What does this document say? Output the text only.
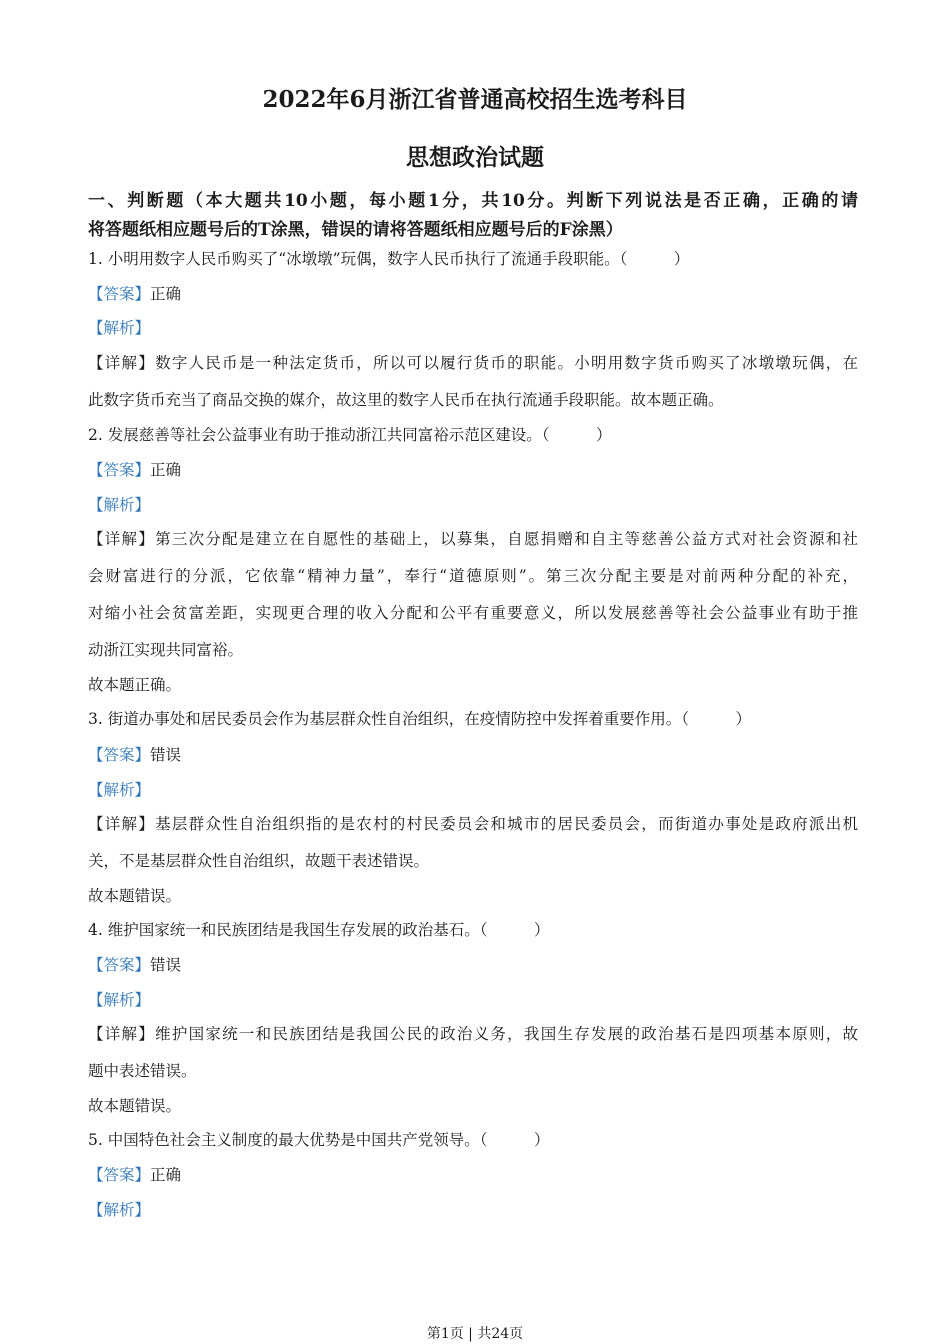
2022年6月浙江省普通高校招生选考科目
思想政治试题
一、判断题（本大题共10小题，每小题1分，共10分。判断下列说法是否正确，正确的请
将答题纸相应题号后的T涂黑，错误的请将答题纸相应题号后的F涂黑）
1. 小明用数字人民币购买了“冰墩墩”玩偶，数字人民币执行了流通手段职能。（　　　）
【答案】正确
【解析】
【详解】数字人民币是一种法定货币，所以可以履行货币的职能。小明用数字货币购买了冰墩墩玩偶，在
此数字货币充当了商品交换的媒介，故这里的数字人民币在执行流通手段职能。故本题正确。
2. 发展慈善等社会公益事业有助于推动浙江共同富裕示范区建设。（　　　）
【答案】正确
【解析】
【详解】第三次分配是建立在自愿性的基础上，以募集，自愿捐赠和自主等慈善公益方式对社会资源和社
会财富进行的分派，它依靠“精神力量”，奉行“道德原则”。第三次分配主要是对前两种分配的补充，
对缩小社会贫富差距，实现更合理的收入分配和公平有重要意义，所以发展慈善等社会公益事业有助于推
动浙江实现共同富裕。
故本题正确。
3. 街道办事处和居民委员会作为基层群众性自治组织，在疫情防控中发挥着重要作用。（　　　）
【答案】错误
【解析】
【详解】基层群众性自治组织指的是农村的村民委员会和城市的居民委员会，而街道办事处是政府派出机
关，不是基层群众性自治组织，故题干表述错误。
故本题错误。
4. 维护国家统一和民族团结是我国生存发展的政治基石。（　　　）
【答案】错误
【解析】
【详解】维护国家统一和民族团结是我国公民的政治义务，我国生存发展的政治基石是四项基本原则，故
题中表述错误。
故本题错误。
5. 中国特色社会主义制度的最大优势是中国共产党领导。（　　　）
【答案】正确
【解析】
第1页 | 共24页
